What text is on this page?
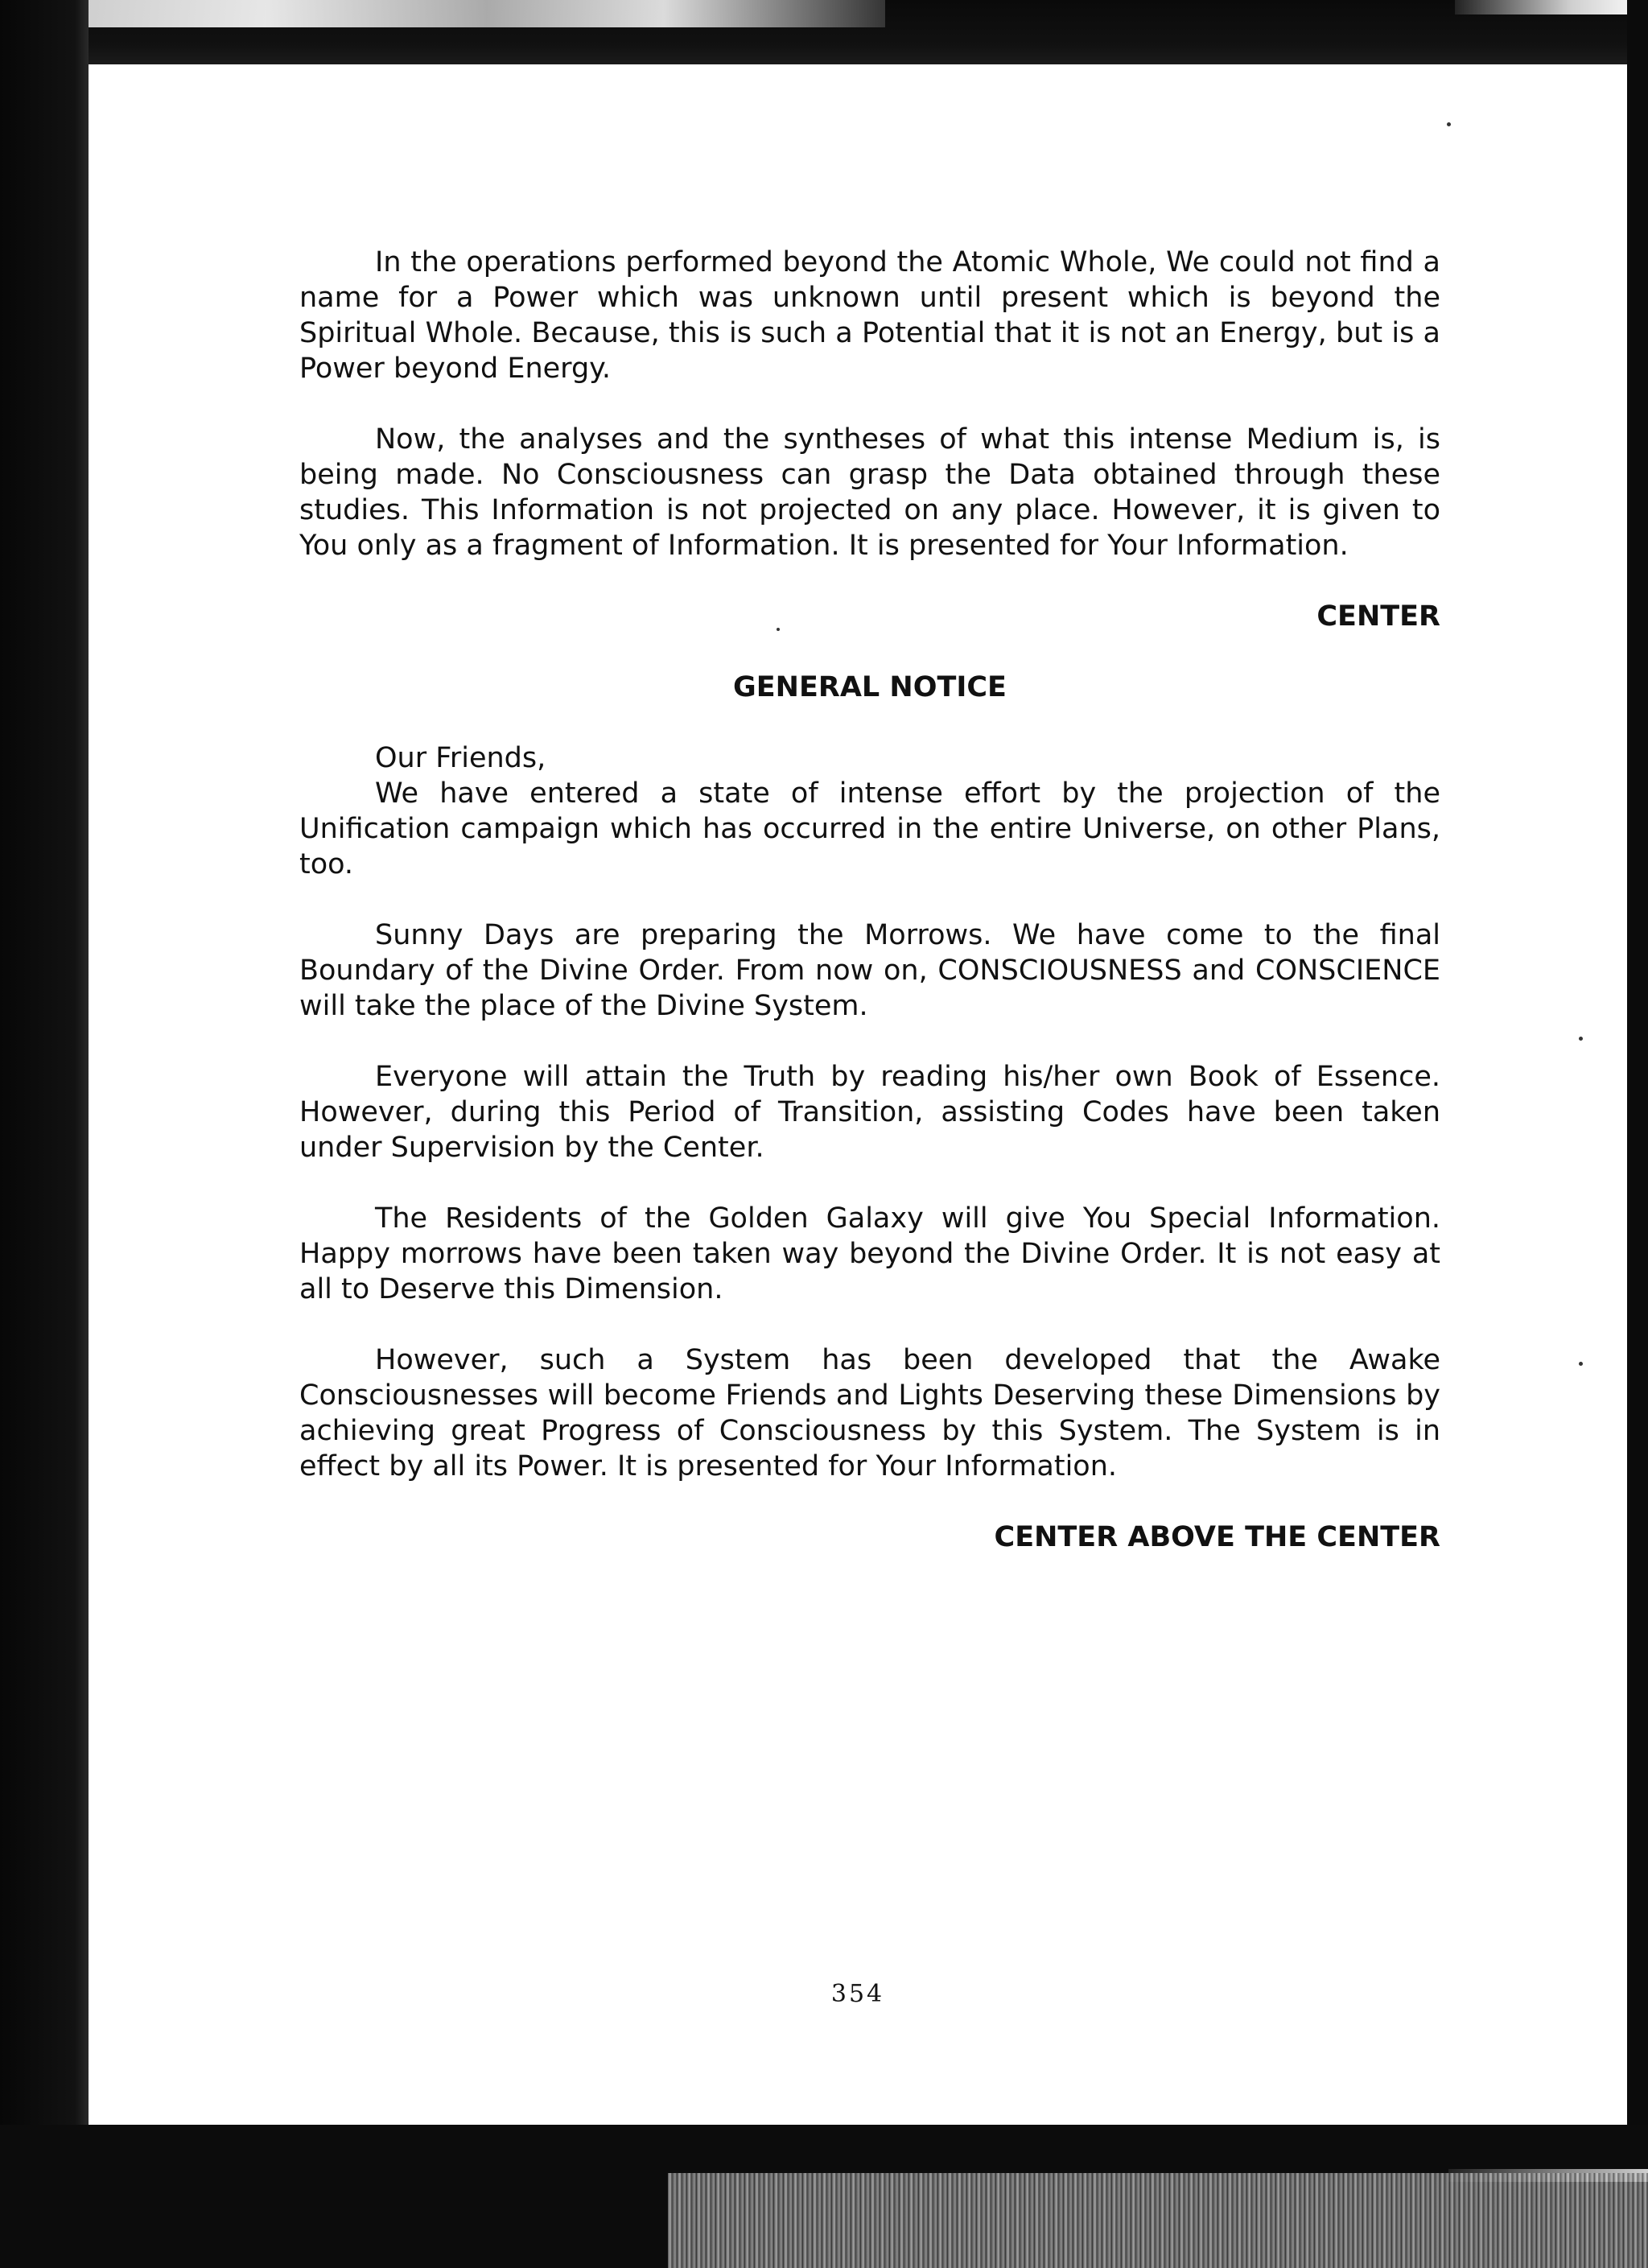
In the operations performed beyond the Atomic Whole, We could not find a name for a Power which was unknown until present which is beyond the Spiritual Whole. Because, this is such a Potential that it is not an Energy, but is a Power beyond Energy.

Now, the analyses and the syntheses of what this intense Medium is, is being made. No Consciousness can grasp the Data obtained through these studies. This Information is not projected on any place. However, it is given to You only as a fragment of Information. It is presented for Your Information.

CENTER

GENERAL NOTICE

Our Friends,

We have entered a state of intense effort by the projection of the Unification campaign which has occurred in the entire Universe, on other Plans, too.

Sunny Days are preparing the Morrows. We have come to the final Boundary of the Divine Order. From now on, CONSCIOUSNESS and CONSCIENCE will take the place of the Divine System.

Everyone will attain the Truth by reading his/her own Book of Essence. However, during this Period of Transition, assisting Codes have been taken under Supervision by the Center.

The Residents of the Golden Galaxy will give You Special Information. Happy morrows have been taken way beyond the Divine Order. It is not easy at all to Deserve this Dimension.

However, such a System has been developed that the Awake Consciousnesses will become Friends and Lights Deserving these Dimensions by achieving great Progress of Consciousness by this System. The System is in effect by all its Power. It is presented for Your Information.

CENTER ABOVE THE CENTER

354
